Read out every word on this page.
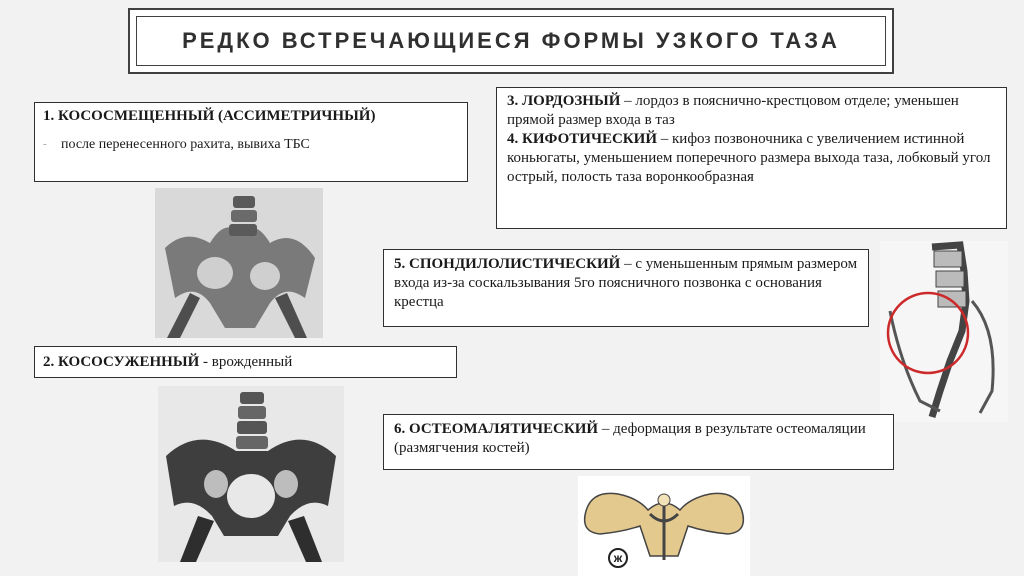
РЕДКО ВСТРЕЧАЮЩИЕСЯ ФОРМЫ УЗКОГО ТАЗА
1. КОСОСМЕЩЕННЫЙ (АССИМЕТРИЧНЫЙ)
-	после перенесенного рахита, вывиха ТБС
2. КОСОСУЖЕННЫЙ - врожденный
3. ЛОРДОЗНЫЙ – лордоз в пояснично-крестцовом отделе; уменьшен прямой размер входа в таз
4. КИФОТИЧЕСКИЙ – кифоз позвоночника с увеличением истинной коньюгаты, уменьшением поперечного размера выхода таза, лобковый угол острый, полость таза воронкообразная
5. СПОНДИЛОЛИСТИЧЕСКИЙ – с уменьшенным прямым размером входа из-за соскальзывания 5го поясничного позвонка с основания крестца
6. ОСТЕОМАЛЯТИЧЕСКИЙ – деформация в результате остеомаляции (размягчения костей)
ж
